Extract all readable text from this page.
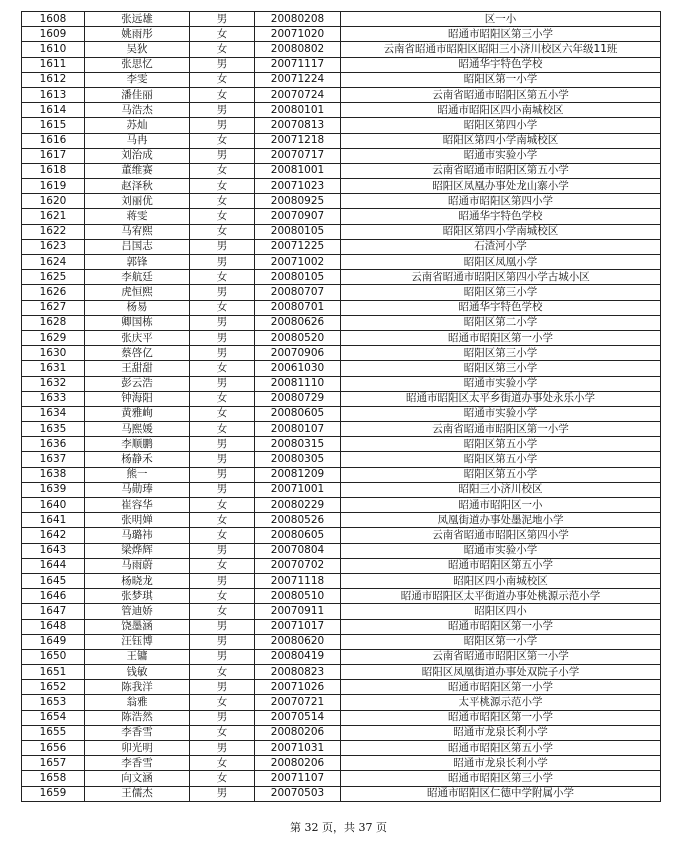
1608	张远雄	男	20080208	区一小
1609	姚雨彤	女	20071020	昭通市昭阳区第三小学
1610	吴狄	女	20080802	云南省昭通市昭阳区昭阳三小济川校区六年级11班
1611	张思忆	男	20071117	昭通华宇特色学校
1612	李雯	女	20071224	昭阳区第一小学
1613	潘佳丽	女	20070724	云南省昭通市昭阳区第五小学
1614	马浩杰	男	20080101	昭通市昭阳区四小南城校区
1615	苏灿	男	20070813	昭阳区第四小学
1616	马冉	女	20071218	昭阳区第四小学南城校区
1617	刘治成	男	20070717	昭通市实验小学
1618	董维赛	女	20081001	云南省昭通市昭阳区第五小学
1619	赵泽秋	女	20071023	昭阳区凤凰办事处龙山寨小学
1620	刘丽优	女	20080925	昭通市昭阳区第四小学
1621	蒋雯	女	20070907	昭通华宇特色学校
1622	马宥熙	女	20080105	昭阳区第四小学南城校区
1623	吕国志	男	20071225	石渣河小学
1624	郭锋	男	20071002	昭阳区凤凰小学
1625	李航廷	女	20080105	云南省昭通市昭阳区第四小学古城小区
1626	虎恒熙	男	20080707	昭阳区第三小学
1627	杨易	女	20080701	昭通华宇特色学校
1628	卿国栋	男	20080626	昭阳区第二小学
1629	张庆平	男	20080520	昭通市昭阳区第一小学
1630	蔡啓亿	男	20070906	昭阳区第三小学
1631	王甜甜	女	20061030	昭阳区第三小学
1632	彭云浩	男	20081110	昭通市实验小学
1633	钟海阳	女	20080729	昭通市昭阳区太平乡街道办事处永乐小学
1634	黄雅峋	女	20080605	昭通市实验小学
1635	马熙媛	女	20080107	云南省昭通市昭阳区第一小学
1636	李顺鹏	男	20080315	昭阳区第五小学
1637	杨静禾	男	20080305	昭阳区第五小学
1638	熊一	男	20081209	昭阳区第五小学
1639	马勋琫	男	20071001	昭阳三小济川校区
1640	崔容华	女	20080229	昭通市昭阳区一小
1641	张明婵	女	20080526	凤凰街道办事处墨泥地小学
1642	马璐祎	女	20080605	云南省昭通市昭阳区第四小学
1643	梁烨辉	男	20070804	昭通市实验小学
1644	马雨蔚	女	20070702	昭通市昭阳区第五小学
1645	杨晓龙	男	20071118	昭阳区四小南城校区
1646	张梦琪	女	20080510	昭通市昭阳区太平街道办事处桃源示范小学
1647	管迪娇	女	20070911	昭阳区四小
1648	饶墨涵	男	20071017	昭通市昭阳区第一小学
1649	汪钰博	男	20080620	昭阳区第一小学
1650	王镛	男	20080419	云南省昭通市昭阳区第一小学
1651	钱敏	女	20080823	昭阳区凤凰街道办事处双院子小学
1652	陈我洋	男	20071026	昭通市昭阳区第一小学
1653	翁雅	女	20070721	太平桃源示范小学
1654	陈浩然	男	20070514	昭通市昭阳区第一小学
1655	李香雪	女	20080206	昭通市龙泉长利小学
1656	卯光明	男	20071031	昭通市昭阳区第五小学
1657	李香雪	女	20080206	昭通市龙泉长利小学
1658	向文涵	女	20071107	昭通市昭阳区第三小学
1659	王儒杰	男	20070503	昭通市昭阳区仁德中学附属小学
第 32 页，共 37 页
